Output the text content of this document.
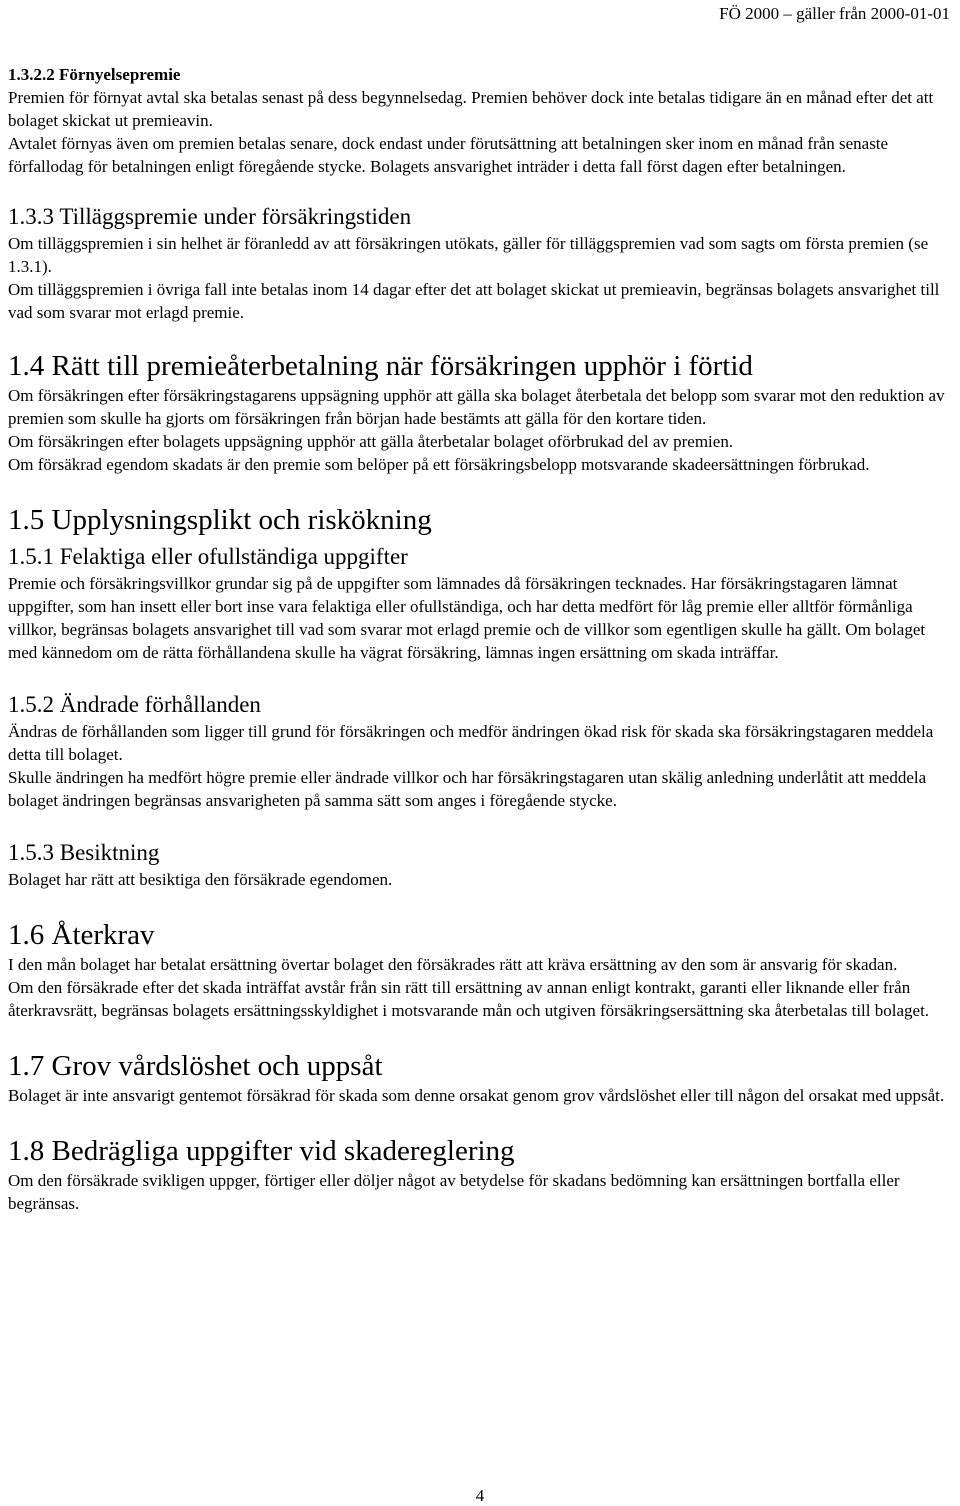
FÖ 2000 – gäller från 2000-01-01
1.3.2.2 Förnyelsepremie

Premien för förnyat avtal ska betalas senast på dess begynnelsedag. Premien behöver dock inte betalas tidigare än en månad efter det att bolaget skickat ut premieavin.

Avtalet förnyas även om premien betalas senare, dock endast under förutsättning att betalningen sker inom en månad från senaste förfallodag för betalningen enligt föregående stycke. Bolagets ansvarighet inträder i detta fall först dagen efter betalningen.

1.3.3 Tilläggspremie under försäkringstiden

Om tilläggspremien i sin helhet är föranledd av att försäkringen utökats, gäller för tilläggspremien vad som sagts om första premien (se 1.3.1).

Om tilläggspremien i övriga fall inte betalas inom 14 dagar efter det att bolaget skickat ut premieavin, begränsas bolagets ansvarighet till vad som svarar mot erlagd premie.

1.4 Rätt till premieåterbetalning när försäkringen upphör i förtid

Om försäkringen efter försäkringstagarens uppsägning upphör att gälla ska bolaget återbetala det belopp som svarar mot den reduktion av premien som skulle ha gjorts om försäkringen från början hade bestämts att gälla för den kortare tiden.

Om försäkringen efter bolagets uppsägning upphör att gälla återbetalar bolaget oförbrukad del av premien.

Om försäkrad egendom skadats är den premie som belöper på ett försäkringsbelopp motsvarande skadeersättningen förbrukad.

1.5 Upplysningsplikt och riskökning
1.5.1 Felaktiga eller ofullständiga uppgifter

Premie och försäkringsvillkor grundar sig på de uppgifter som lämnades då försäkringen tecknades. Har försäkringstagaren lämnat uppgifter, som han insett eller bort inse vara felaktiga eller ofullständiga, och har detta medfört för låg premie eller alltför förmånliga villkor, begränsas bolagets ansvarighet till vad som svarar mot erlagd premie och de villkor som egentligen skulle ha gällt. Om bolaget med kännedom om de rätta förhållandena skulle ha vägrat försäkring, lämnas ingen ersättning om skada inträffar.

1.5.2 Ändrade förhållanden

Ändras de förhållanden som ligger till grund för försäkringen och medför ändringen ökad risk för skada ska försäkringstagaren meddela detta till bolaget.

Skulle ändringen ha medfört högre premie eller ändrade villkor och har försäkringstagaren utan skälig anledning underlåtit att meddela bolaget ändringen begränsas ansvarigheten på samma sätt som anges i föregående stycke.

1.5.3 Besiktning

Bolaget har rätt att besiktiga den försäkrade egendomen.

1.6 Återkrav

I den mån bolaget har betalat ersättning övertar bolaget den försäkrades rätt att kräva ersättning av den som är ansvarig för skadan.

Om den försäkrade efter det skada inträffat avstår från sin rätt till ersättning av annan enligt kontrakt, garanti eller liknande eller från återkravsrätt, begränsas bolagets ersättningsskyldighet i motsvarande mån och utgiven försäkringsersättning ska återbetalas till bolaget.

1.7 Grov vårdslöshet och uppsåt

Bolaget är inte ansvarigt gentemot försäkrad för skada som denne orsakat genom grov vårdslöshet eller till någon del orsakat med uppsåt.

1.8 Bedrägliga uppgifter vid skadereglering

Om den försäkrade svikligen uppger, förtiger eller döljer något av betydelse för skadans bedömning kan ersättningen bortfalla eller begränsas.

4
